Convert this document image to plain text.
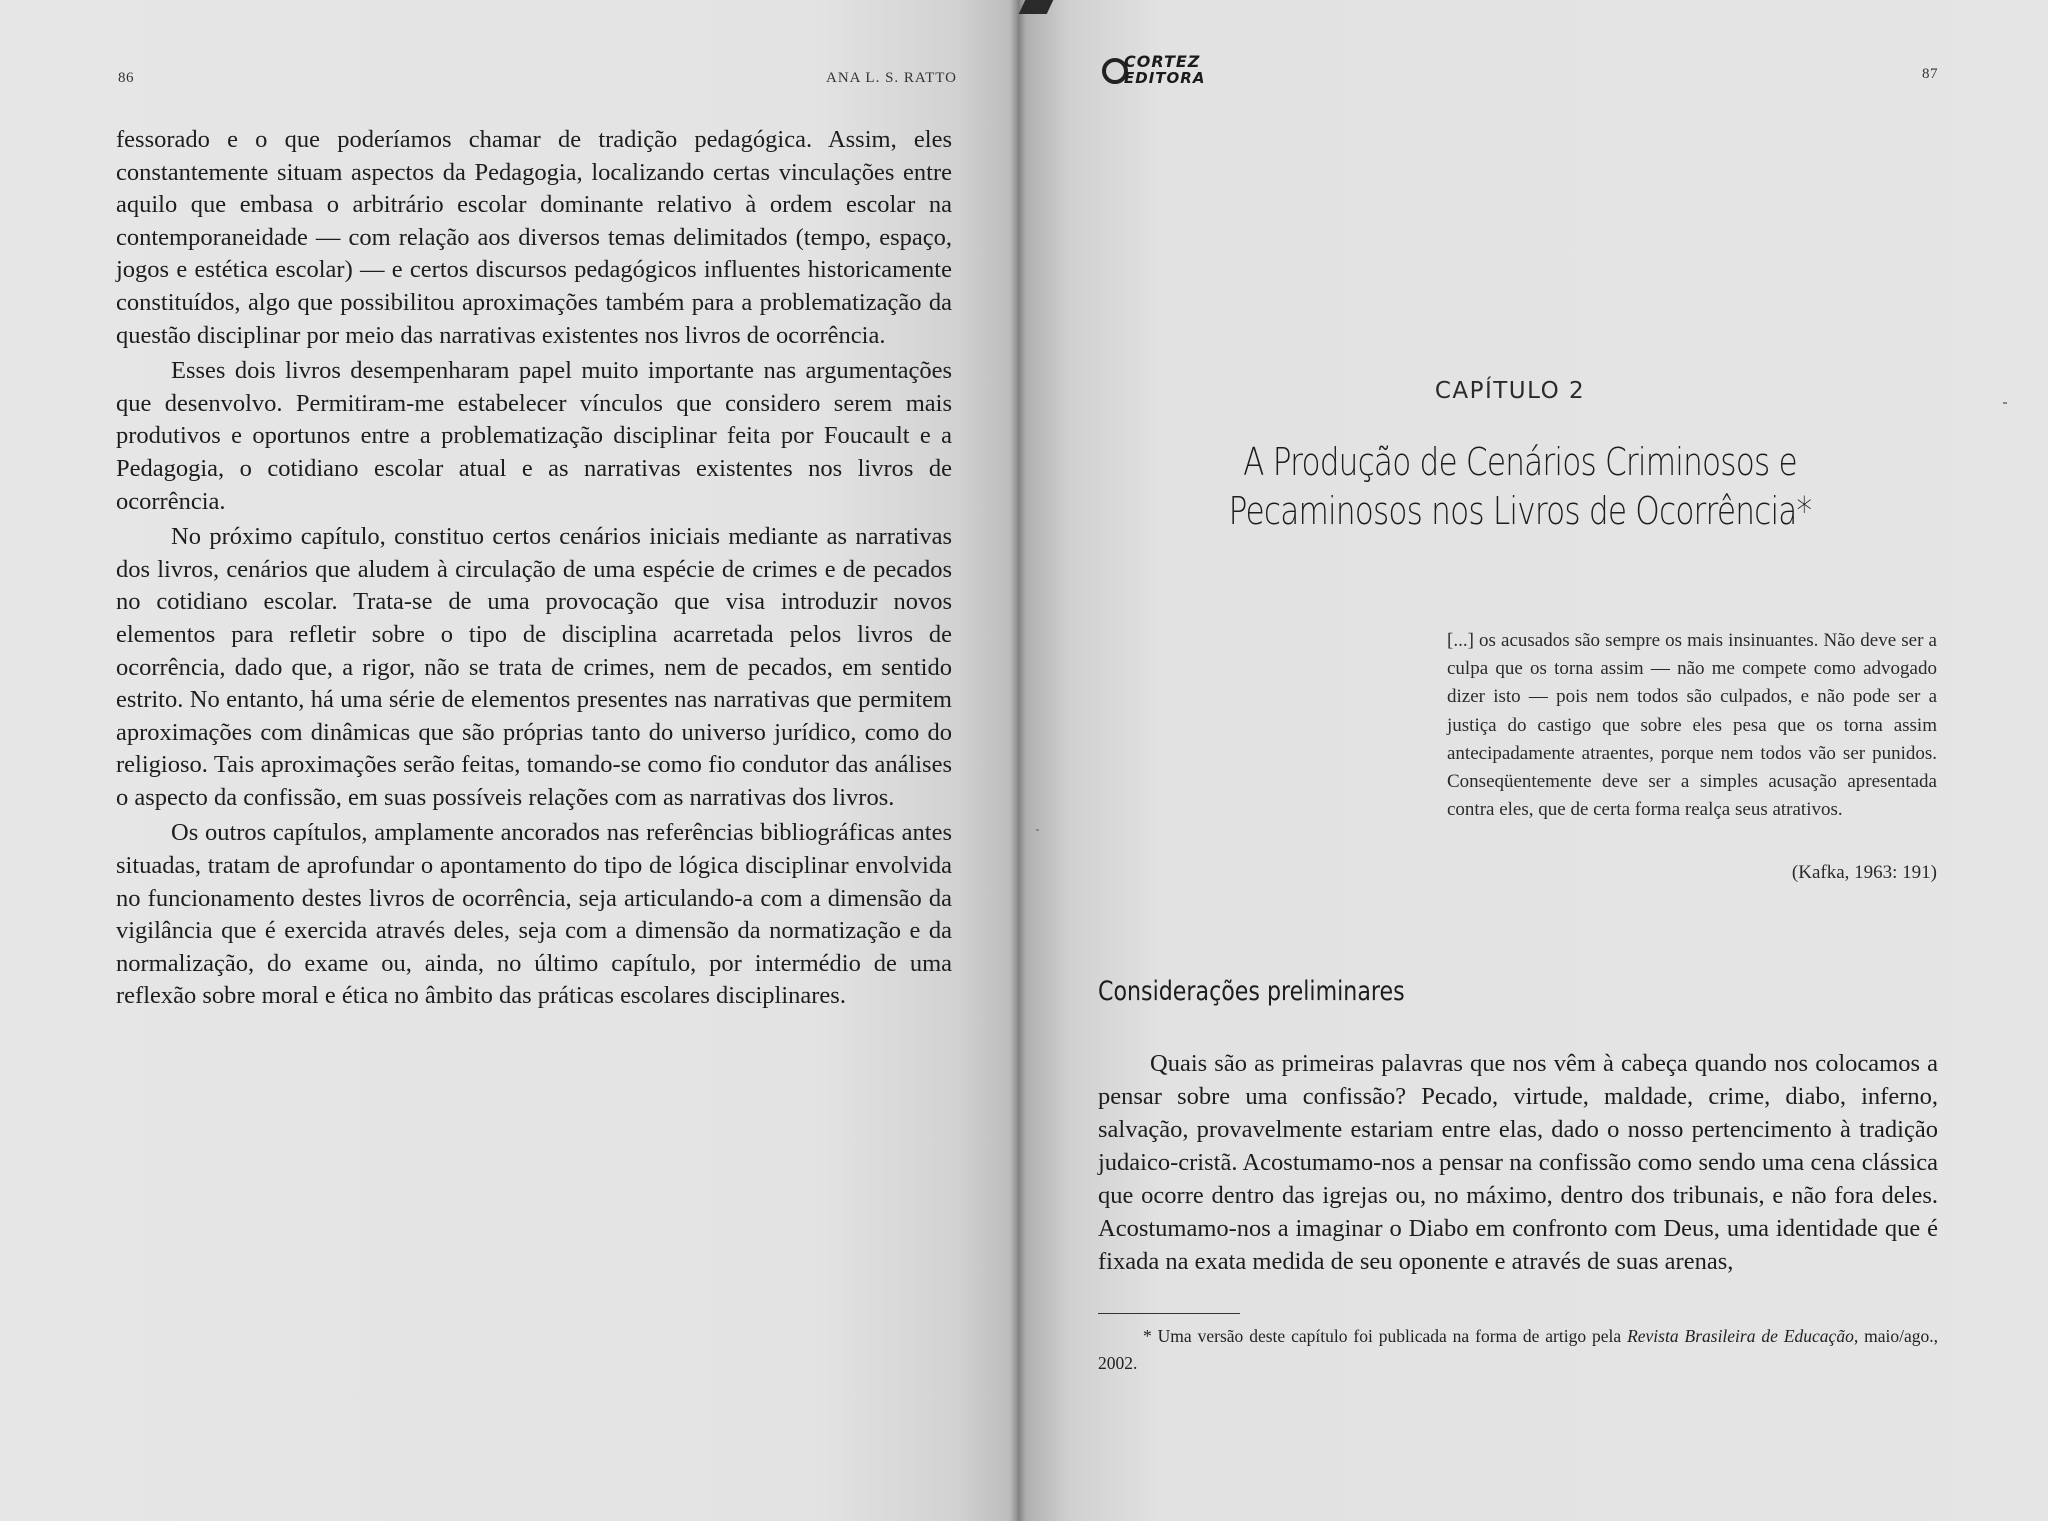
86	ANA L. S. RATTO

fessorado e o que poderíamos chamar de tradição pedagógica. Assim, eles constantemente situam aspectos da Pedagogia, localizando certas vinculações entre aquilo que embasa o arbitrário escolar dominante relativo à ordem escolar na contemporaneidade — com relação aos diversos temas delimitados (tempo, espaço, jogos e estética escolar) — e certos discursos pedagógicos influentes historicamente constituídos, algo que possibilitou aproximações também para a problematização da questão disciplinar por meio das narrativas existentes nos livros de ocorrência.

Esses dois livros desempenharam papel muito importante nas argumentações que desenvolvo. Permitiram-me estabelecer vínculos que considero serem mais produtivos e oportunos entre a problematização disciplinar feita por Foucault e a Pedagogia, o cotidiano escolar atual e as narrativas existentes nos livros de ocorrência.

No próximo capítulo, constituo certos cenários iniciais mediante as narrativas dos livros, cenários que aludem à circulação de uma espécie de crimes e de pecados no cotidiano escolar. Trata-se de uma provocação que visa introduzir novos elementos para refletir sobre o tipo de disciplina acarretada pelos livros de ocorrência, dado que, a rigor, não se trata de crimes, nem de pecados, em sentido estrito. No entanto, há uma série de elementos presentes nas narrativas que permitem aproximações com dinâmicas que são próprias tanto do universo jurídico, como do religioso. Tais aproximações serão feitas, tomando-se como fio condutor das análises o aspecto da confissão, em suas possíveis relações com as narrativas dos livros.

Os outros capítulos, amplamente ancorados nas referências bibliográficas antes situadas, tratam de aprofundar o apontamento do tipo de lógica disciplinar envolvida no funcionamento destes livros de ocorrência, seja articulando-a com a dimensão da vigilância que é exercida através deles, seja com a dimensão da normatização e da normalização, do exame ou, ainda, no último capítulo, por intermédio de uma reflexão sobre moral e ética no âmbito das práticas escolares disciplinares.

CORTEZ
EDITORA	87
CAPÍTULO 2
A Produção de Cenários Criminosos e
Pecaminosos nos Livros de Ocorrência*
[...] os acusados são sempre os mais insinuantes. Não deve ser a culpa que os torna assim — não me compete como advogado dizer isto — pois nem todos são culpados, e não pode ser a justiça do castigo que sobre eles pesa que os torna assim antecipadamente atraentes, porque nem todos vão ser punidos. Conseqüentemente deve ser a simples acusação apresentada contra eles, que de certa forma realça seus atrativos.
(Kafka, 1963: 191)
Considerações preliminares

Quais são as primeiras palavras que nos vêm à cabeça quando nos colocamos a pensar sobre uma confissão? Pecado, virtude, maldade, crime, diabo, inferno, salvação, provavelmente estariam entre elas, dado o nosso pertencimento à tradição judaico-cristã. Acostumamo-nos a pensar na confissão como sendo uma cena clássica que ocorre dentro das igrejas ou, no máximo, dentro dos tribunais, e não fora deles. Acostumamo-nos a imaginar o Diabo em confronto com Deus, uma identidade que é fixada na exata medida de seu oponente e através de suas arenas,

* Uma versão deste capítulo foi publicada na forma de artigo pela Revista Brasileira de Educação, maio/ago., 2002.
